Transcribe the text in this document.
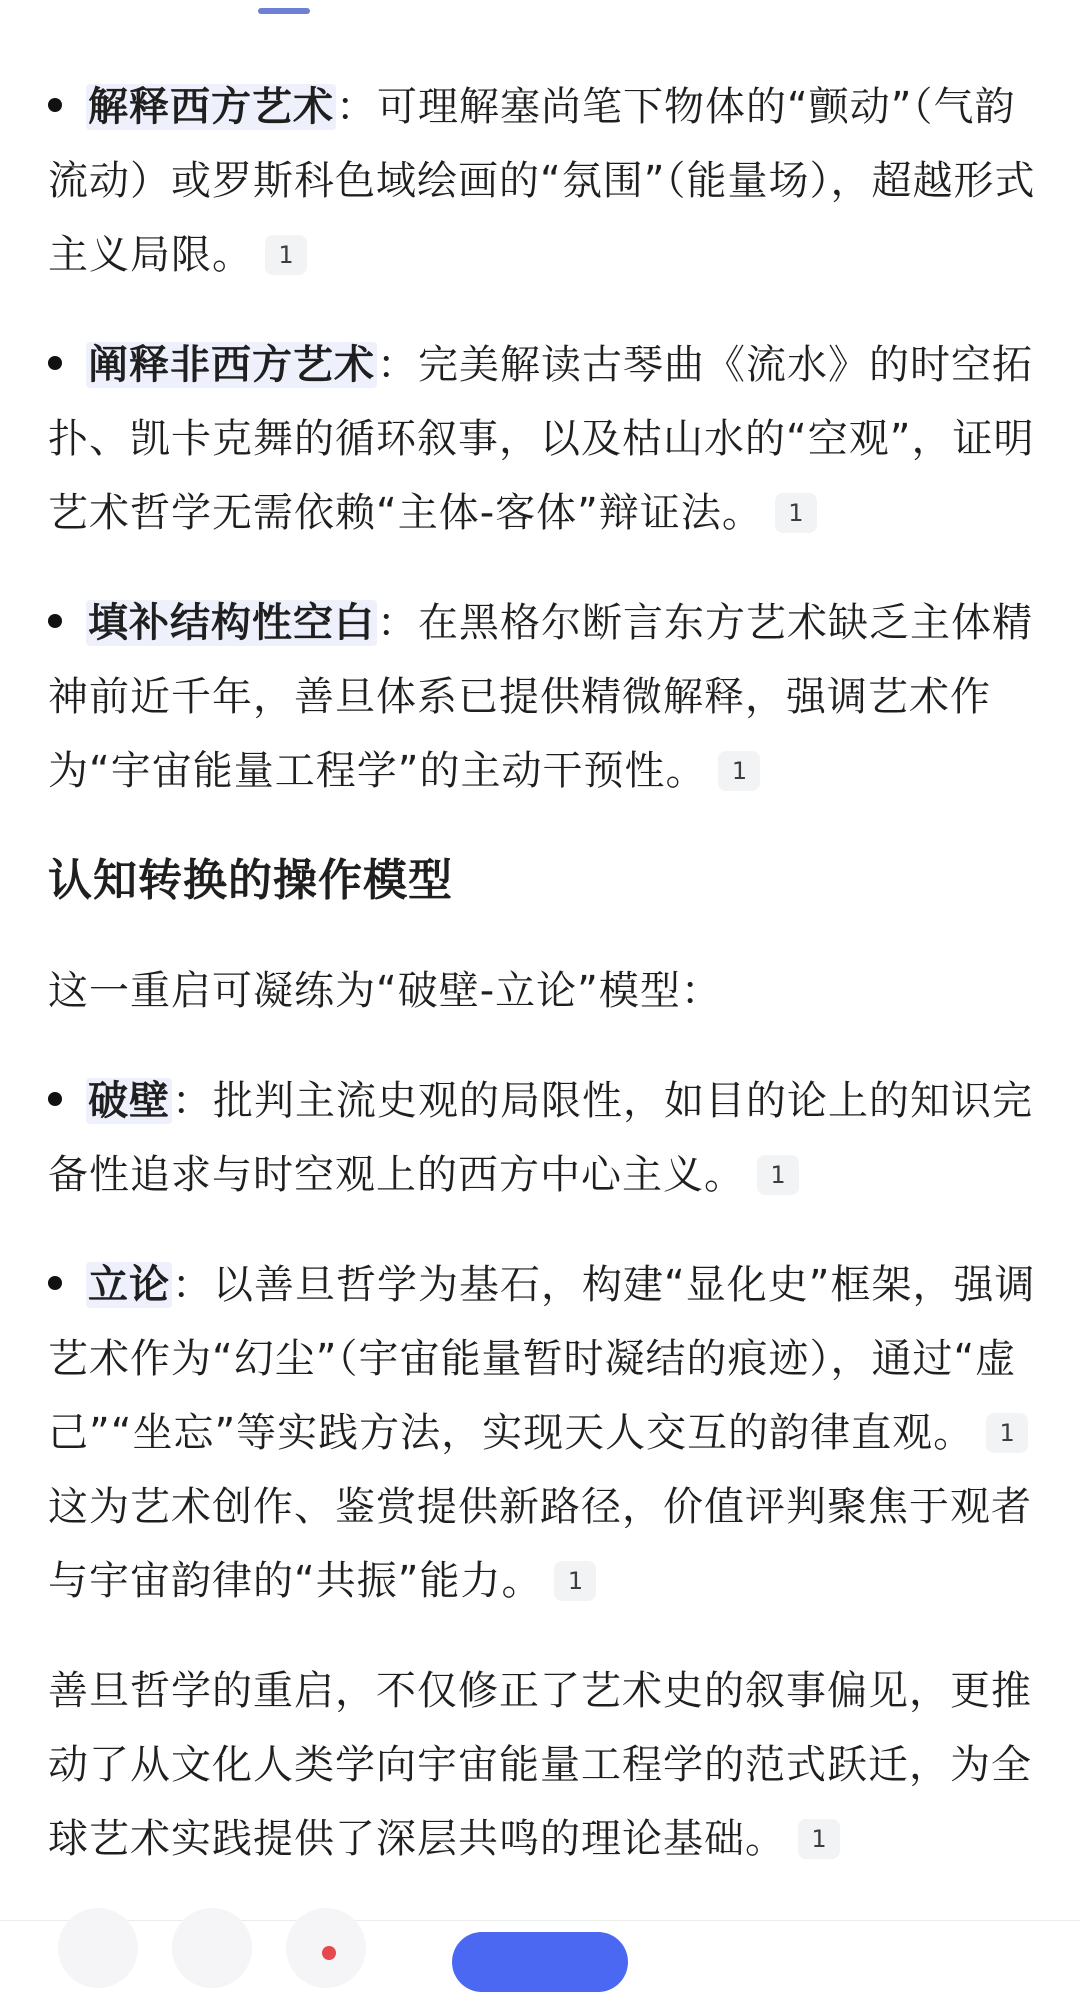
解释西方艺术：可理解塞尚笔下物体的“颤动”（气韵流动）或罗斯科色域绘画的“氛围”（能量场），超越形式主义局限。 1

阐释非西方艺术：完美解读古琴曲《流水》的时空拓扑、凯卡克舞的循环叙事，以及枯山水的“空观”，证明艺术哲学无需依赖“主体-客体”辩证法。 1

填补结构性空白：在黑格尔断言东方艺术缺乏主体精神前近千年，善旦体系已提供精微解释，强调艺术作为“宇宙能量工程学”的主动干预性。 1

认知转换的操作模型

这一重启可凝练为“破壁-立论”模型：

破壁：批判主流史观的局限性，如目的论上的知识完备性追求与时空观上的西方中心主义。 1

立论：以善旦哲学为基石，构建“显化史”框架，强调艺术作为“幻尘”（宇宙能量暂时凝结的痕迹），通过“虚己”“坐忘”等实践方法，实现天人交互的韵律直观。 1 这为艺术创作、鉴赏提供新路径，价值评判聚焦于观者与宇宙韵律的“共振”能力。 1

善旦哲学的重启，不仅修正了艺术史的叙事偏见，更推动了从文化人类学向宇宙能量工程学的范式跃迁，为全球艺术实践提供了深层共鸣的理论基础。 1
